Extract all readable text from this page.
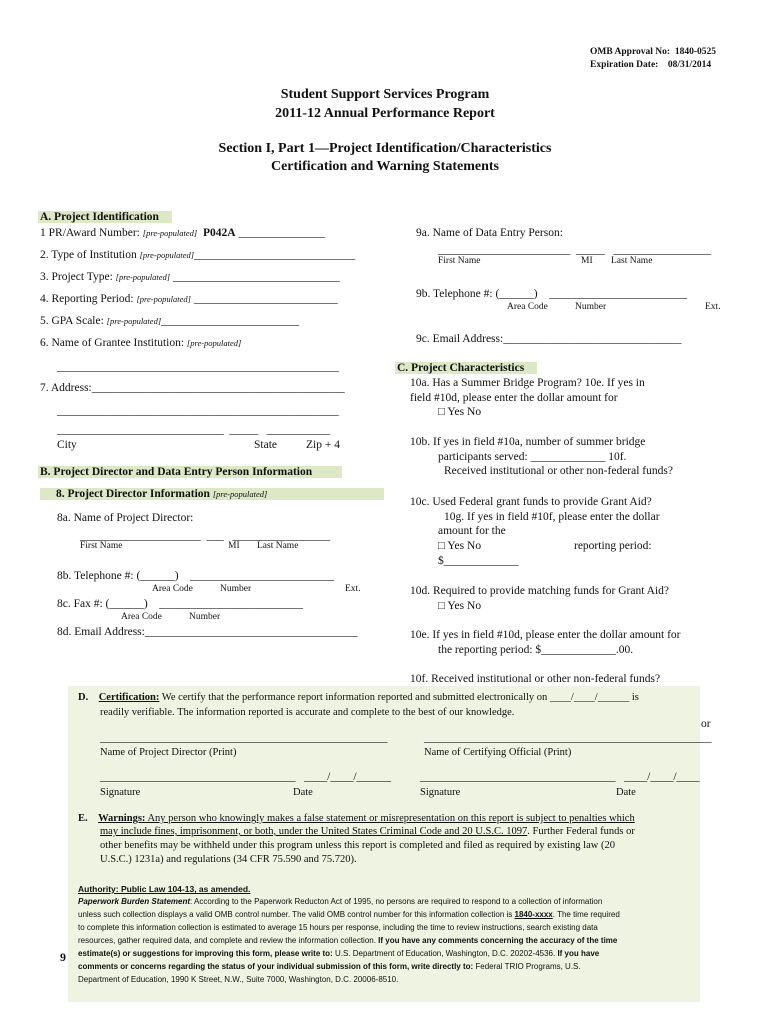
OMB Approval No: 1840-0525
Expiration Date: 08/31/2014
Student Support Services Program
2011-12 Annual Performance Report
Section I, Part 1—Project Identification/Characteristics
Certification and Warning Statements
A. Project Identification
1 PR/Award Number: [pre-populated] P042A _______________
2. Type of Institution [pre-populated]____________________________
3. Project Type: [pre-populated] _____________________________
4. Reporting Period: [pre-populated] _________________________
5. GPA Scale: [pre-populated]________________________
6. Name of Grantee Institution: [pre-populated]
_________________________________________________
7. Address:____________________________________________
_________________________________________________
_____________________________  _____   ___________
City	State	Zip + 4
B. Project Director and Data Entry Person Information
8. Project Director Information [pre-populated]
8a. Name of Project Director:
_____________________  ___   _________________
First Name	MI Last Name
8b. Telephone #: (______) _________________________
Area Code	Number	Ext.
8c. Fax #: (______) _________________________
Area Code	Number
8d. Email Address:_____________________________________
9a. Name of Data Entry Person:
_______________________  _____   _________________
First Name	MI Last Name
9b. Telephone #: (______) ________________________
Area Code	Number	Ext.
9c. Email Address:_______________________________
C. Project Characteristics
10a. Has a Summer Bridge Program? 10e. If yes in
field #10d, please enter the dollar amount for
□ Yes No
10b. If yes in field #10a, number of summer bridge
participants served: _____________ 10f.
Received institutional or other non-federal funds?
10c. Used Federal grant funds to provide Grant Aid?
10g. If yes in field #10f, please enter the dollar
amount for the
□ Yes No	reporting period:
$_____________
10d. Required to provide matching funds for Grant Aid?
□ Yes No
10e. If yes in field #10d, please enter the dollar amount for
the reporting period: $_____________.00.
10f. Received institutional or other non-federal funds?
or
D. Certification: We certify that the performance report information reported and submitted electronically on ____/____/______ is
readily verifiable. The information reported is accurate and complete to the best of our knowledge.
__________________________________________________	__________________________________________________
Name of Project Director (Print)	Name of Certifying Official (Print)
__________________________________ ____/____/______	__________________________________ ____/____/____
Signature	Date	Signature	Date
E. Warnings: Any person who knowingly makes a false statement or misrepresentation on this report is subject to penalties which
may include fines, imprisonment, or both, under the United States Criminal Code and 20 U.S.C. 1097. Further Federal funds or
other benefits may be withheld under this program unless this report is completed and filed as required by existing law (20
U.S.C.) 1231a) and regulations (34 CFR 75.590 and 75.720).
Authority: Public Law 104-13, as amended.
Paperwork Burden Statement: According to the Paperwork Reducton Act of 1995, no persons are required to respond to a collection of information
unless such collection displays a valid OMB control number. The valid OMB control number for this information collection is 1840-xxxx. The time required
to complete this information collection is estimated to average 15 hours per response, including the time to review instructions, search existing data
resources, gather required data, and complete and review the information collection. If you have any comments concerning the accuracy of the time
estimate(s) or suggestions for improving this form, please write to: U.S. Department of Education, Washington, D.C. 20202-4536. If you have
comments or concerns regarding the status of your individual submission of this form, write directly to: Federal TRIO Programs, U.S.
Department of Education, 1990 K Street, N.W., Suite 7000, Washington, D.C. 20006-8510.
9
